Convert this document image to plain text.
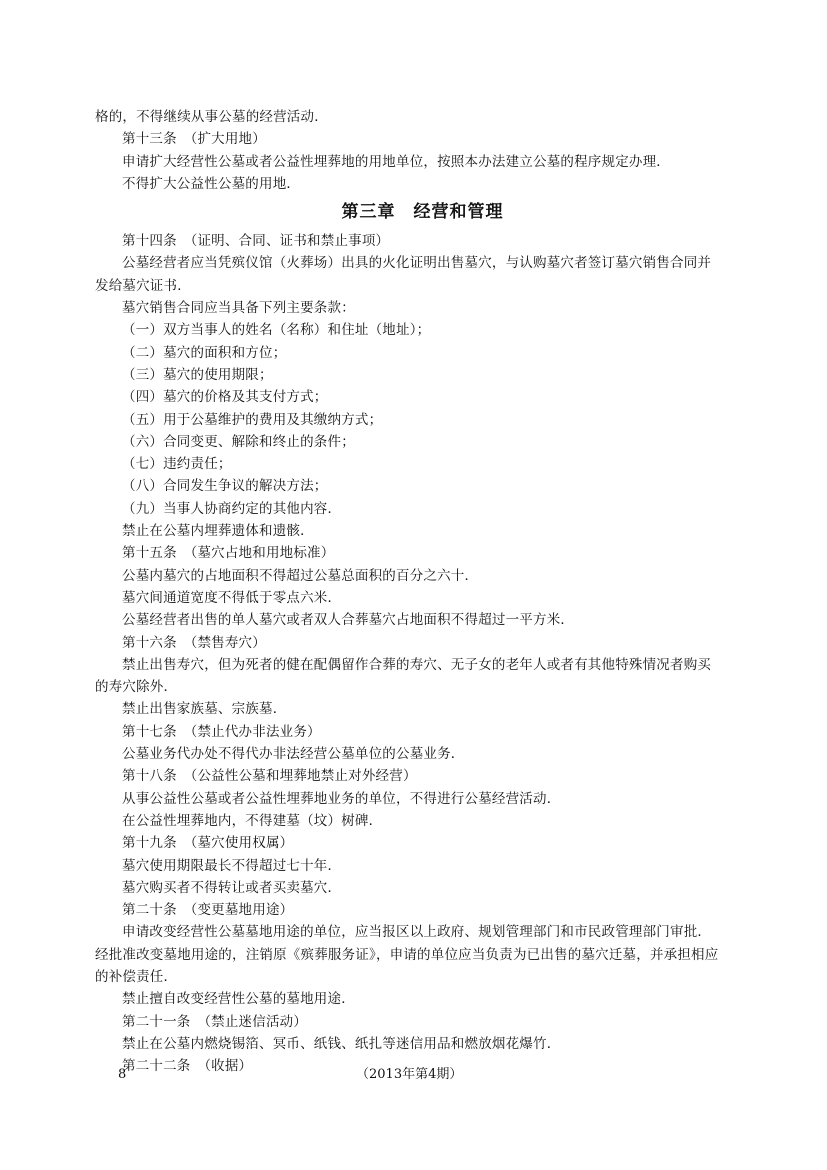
格的，不得继续从事公墓的经营活动．
第十三条　（扩大用地）
申请扩大经营性公墓或者公益性埋葬地的用地单位，按照本办法建立公墓的程序规定办理．
不得扩大公益性公墓的用地．
第三章　经营和管理
第十四条　（证明、合同、证书和禁止事项）
公墓经营者应当凭殡仪馆（火葬场）出具的火化证明出售墓穴，与认购墓穴者签订墓穴销售合同并
发给墓穴证书．
墓穴销售合同应当具备下列主要条款：
（一）双方当事人的姓名（名称）和住址（地址）；
（二）墓穴的面积和方位；
（三）墓穴的使用期限；
（四）墓穴的价格及其支付方式；
（五）用于公墓维护的费用及其缴纳方式；
（六）合同变更、解除和终止的条件；
（七）违约责任；
（八）合同发生争议的解决方法；
（九）当事人协商约定的其他内容．
禁止在公墓内埋葬遗体和遗骸．
第十五条　（墓穴占地和用地标准）
公墓内墓穴的占地面积不得超过公墓总面积的百分之六十．
墓穴间通道宽度不得低于零点六米．
公墓经营者出售的单人墓穴或者双人合葬墓穴占地面积不得超过一平方米．
第十六条　（禁售寿穴）
禁止出售寿穴，但为死者的健在配偶留作合葬的寿穴、无子女的老年人或者有其他特殊情况者购买
的寿穴除外．
禁止出售家族墓、宗族墓．
第十七条　（禁止代办非法业务）
公墓业务代办处不得代办非法经营公墓单位的公墓业务．
第十八条　（公益性公墓和埋葬地禁止对外经营）
从事公益性公墓或者公益性埋葬地业务的单位，不得进行公墓经营活动．
在公益性埋葬地内，不得建墓（坟）树碑．
第十九条　（墓穴使用权属）
墓穴使用期限最长不得超过七十年．
墓穴购买者不得转让或者买卖墓穴．
第二十条　（变更墓地用途）
申请改变经营性公墓墓地用途的单位，应当报区以上政府、规划管理部门和市民政管理部门审批．
经批准改变墓地用途的，注销原《殡葬服务证》，申请的单位应当负责为已出售的墓穴迁墓，并承担相应
的补偿责任．
禁止擅自改变经营性公墓的墓地用途．
第二十一条　（禁止迷信活动）
禁止在公墓内燃烧锡箔、冥币、纸钱、纸扎等迷信用品和燃放烟花爆竹．
第二十二条　（收据）
8	（2013年第4期）
